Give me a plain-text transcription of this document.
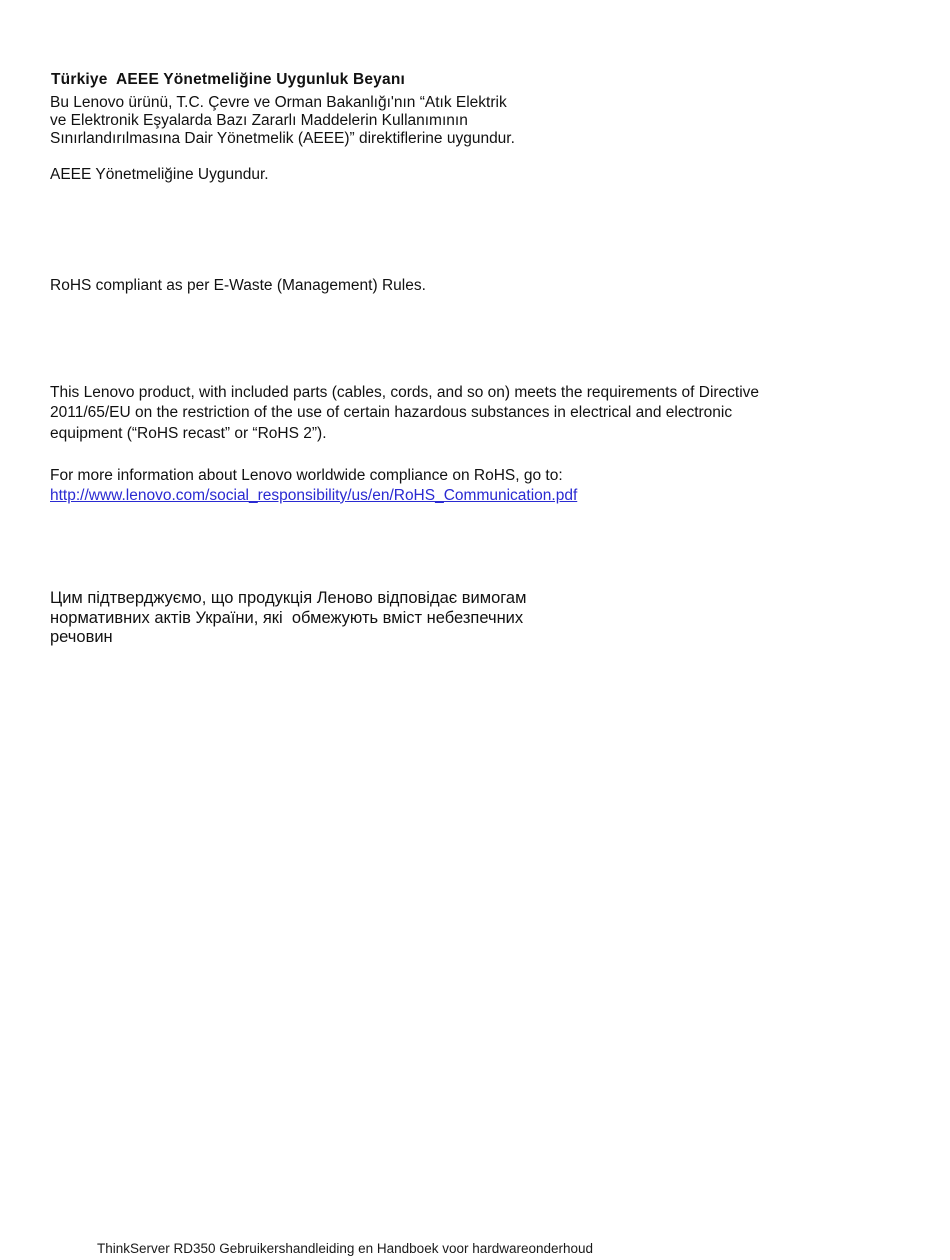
Türkiye  AEEE Yönetmeliğine Uygunluk Beyanı
Bu Lenovo ürünü, T.C. Çevre ve Orman Bakanlığı'nın “Atık Elektrik
ve Elektronik Eşyalarda Bazı Zararlı Maddelerin Kullanımının
Sınırlandırılmasına Dair Yönetmelik (AEEE)” direktiflerine uygundur.
AEEE Yönetmeliğine Uygundur.
RoHS compliant as per E-Waste (Management) Rules.
This Lenovo product, with included parts (cables, cords, and so on) meets the requirements of Directive
2011/65/EU on the restriction of the use of certain hazardous substances in electrical and electronic
equipment (“RoHS recast” or “RoHS 2”).
For more information about Lenovo worldwide compliance on RoHS, go to:
http://www.lenovo.com/social_responsibility/us/en/RoHS_Communication.pdf
Цим підтверджуємо, що продукція Леново відповідає вимогам
нормативних актів України, які  обмежують вміст небезпечних
речовин
ThinkServer RD350 Gebruikershandleiding en Handboek voor hardwareonderhoud
